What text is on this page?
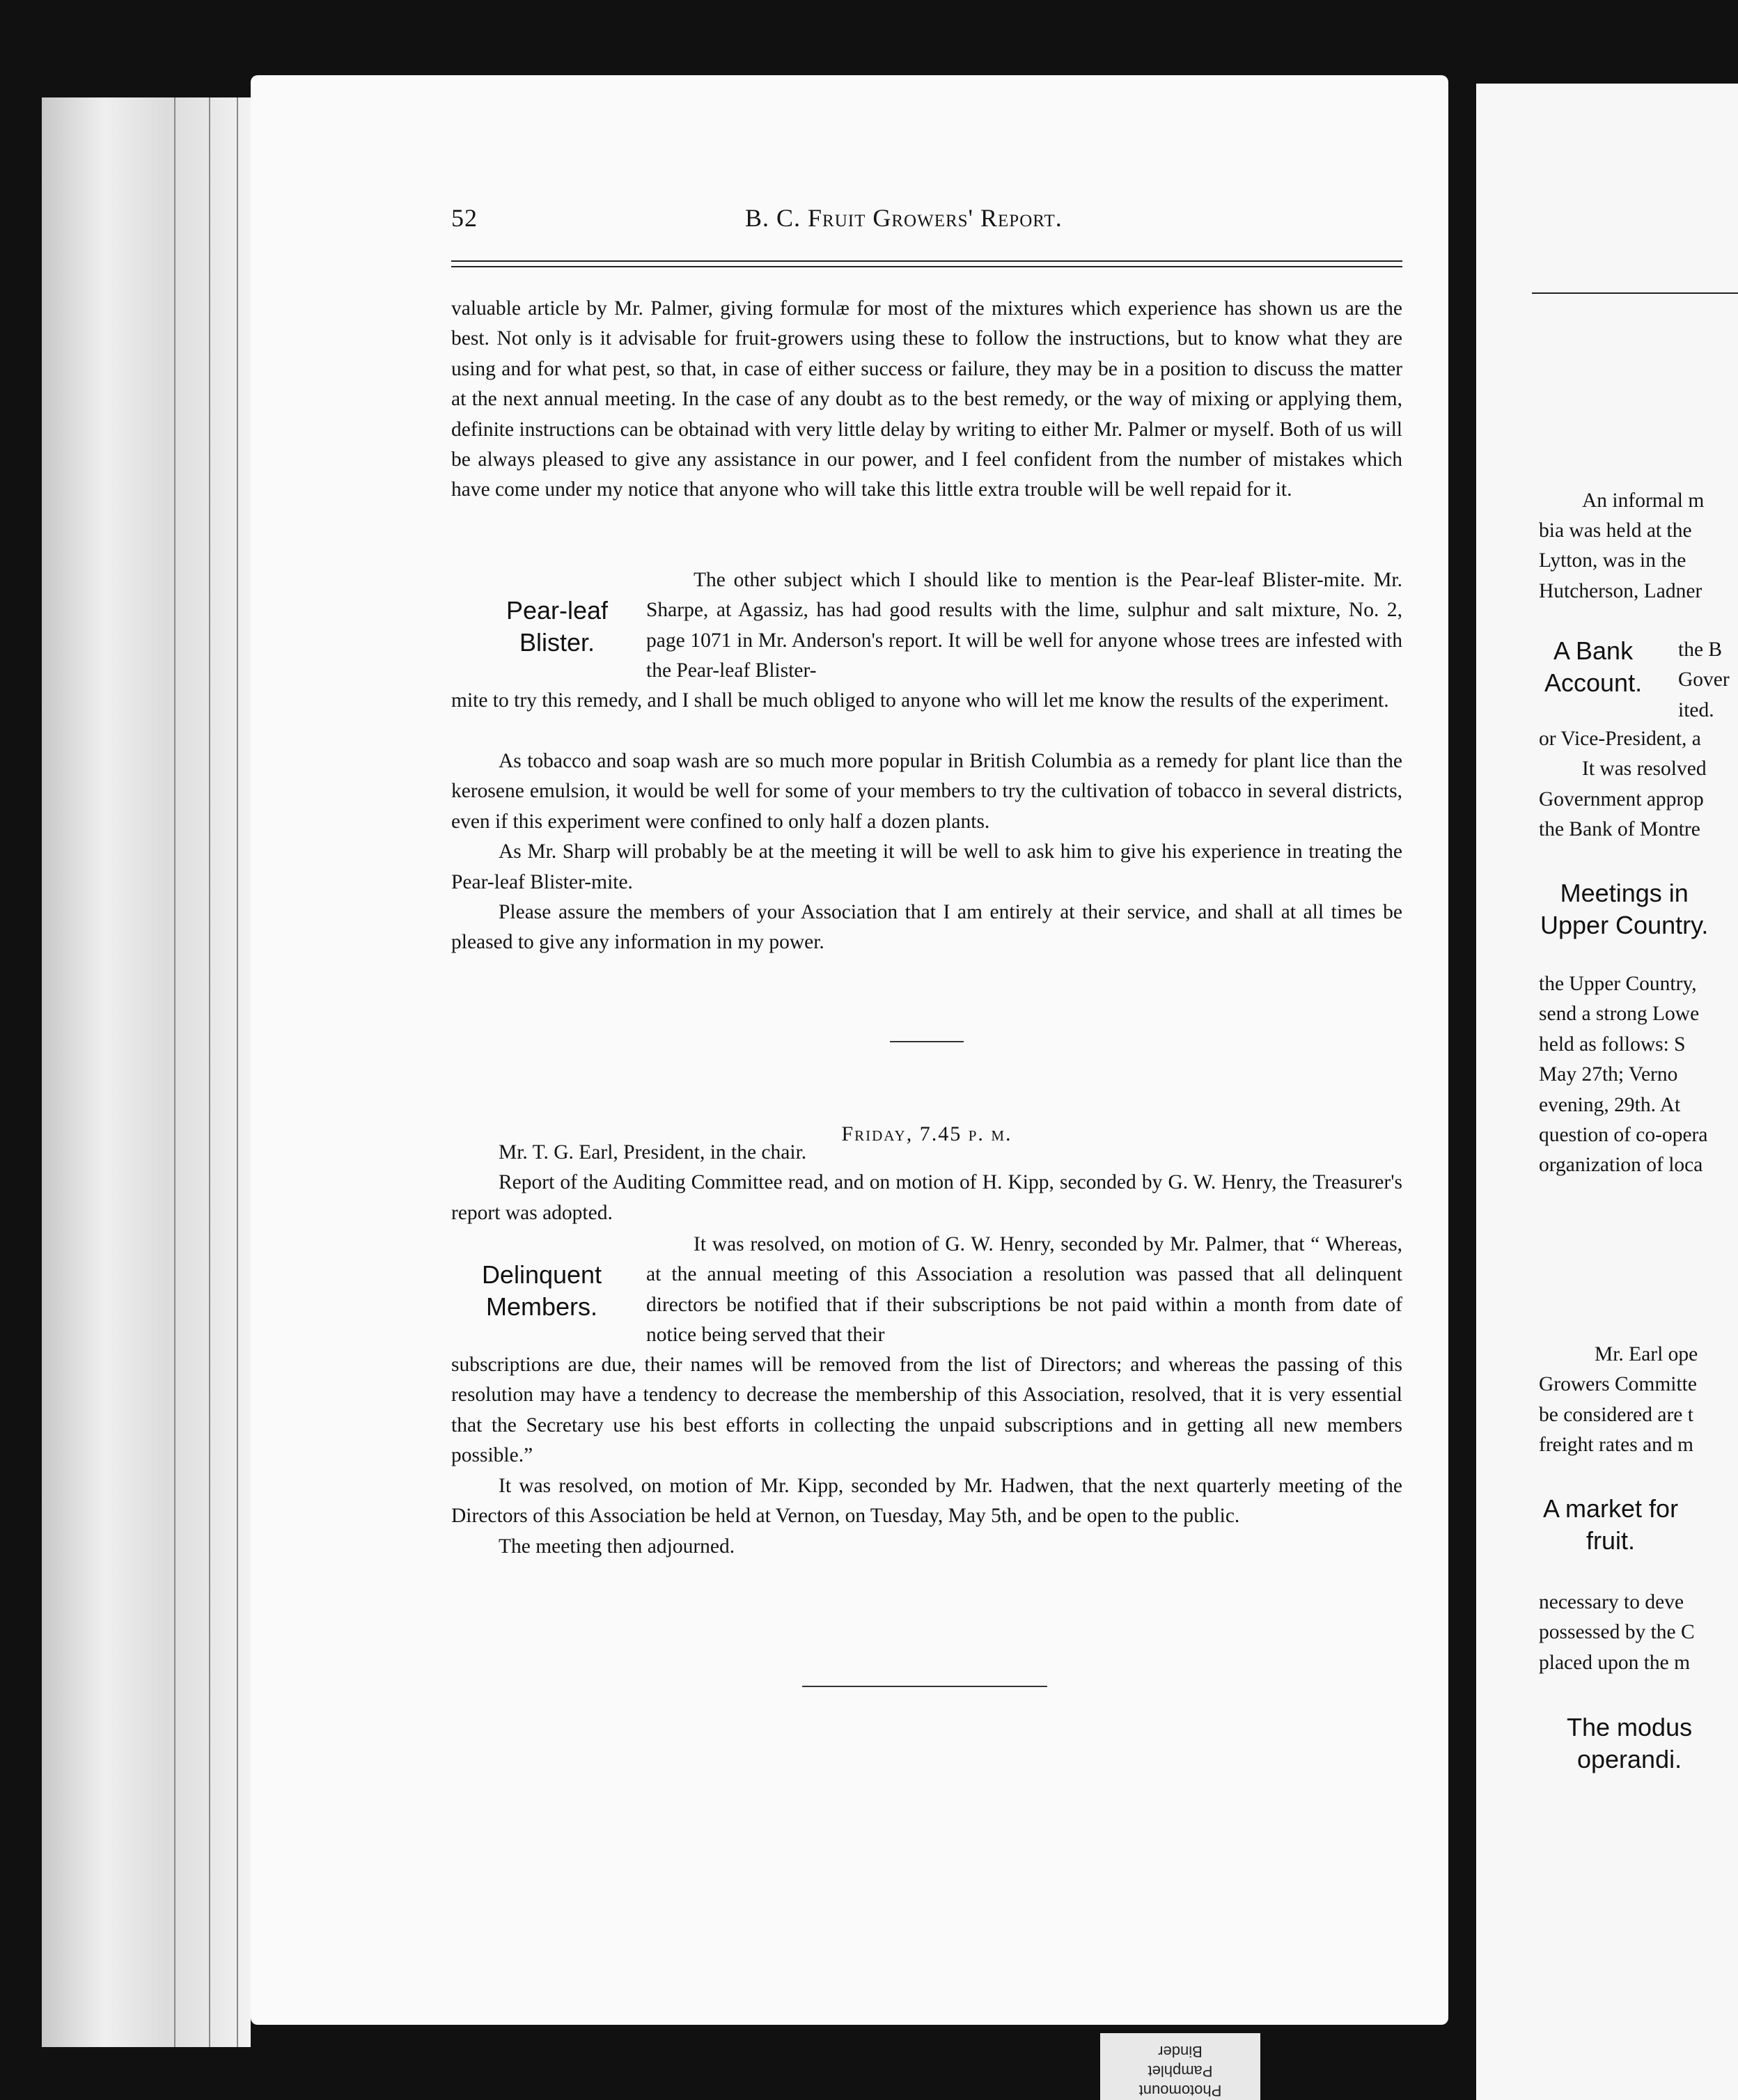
52	B. C. Fruit Growers' Report.

valuable article by Mr. Palmer, giving formulæ for most of the mixtures which experience has shown us are the best. Not only is it advisable for fruit-growers using these to follow the instructions, but to know what they are using and for what pest, so that, in case of either success or failure, they may be in a position to discuss the matter at the next annual meeting. In the case of any doubt as to the best remedy, or the way of mixing or applying them, definite instructions can be obtainad with very little delay by writing to either Mr. Palmer or myself. Both of us will be always pleased to give any assistance in our power, and I feel confident from the number of mistakes which have come under my notice that anyone who will take this little extra trouble will be well repaid for it.

Pear-leaf
Blister.

The other subject which I should like to mention is the Pear-leaf Blister-mite. Mr. Sharpe, at Agassiz, has had good results with the lime, sulphur and salt mixture, No. 2, page 1071 in Mr. Anderson's report. It will be well for anyone whose trees are infested with the Pear-leaf Blister-

mite to try this remedy, and I shall be much obliged to anyone who will let me know the results of the experiment.

As tobacco and soap wash are so much more popular in British Columbia as a remedy for plant lice than the kerosene emulsion, it would be well for some of your members to try the cultivation of tobacco in several districts, even if this experiment were confined to only half a dozen plants.

As Mr. Sharp will probably be at the meeting it will be well to ask him to give his experience in treating the Pear-leaf Blister-mite.

Please assure the members of your Association that I am entirely at their service, and shall at all times be pleased to give any information in my power.

Friday, 7.45 p. m.

Mr. T. G. Earl, President, in the chair.

Report of the Auditing Committee read, and on motion of H. Kipp, seconded by G. W. Henry, the Treasurer's report was adopted.

Delinquent
Members.

It was resolved, on motion of G. W. Henry, seconded by Mr. Palmer, that “ Whereas, at the annual meeting of this Association a resolution was passed that all delinquent directors be notified that if their subscriptions be not paid within a month from date of notice being served that their

subscriptions are due, their names will be removed from the list of Directors; and whereas the passing of this resolution may have a tendency to decrease the membership of this Association, resolved, that it is very essential that the Secretary use his best efforts in collecting the unpaid subscriptions and in getting all new members possible.”

It was resolved, on motion of Mr. Kipp, seconded by Mr. Hadwen, that the next quarterly meeting of the Directors of this Association be held at Vernon, on Tuesday, May 5th, and be open to the public.

The meeting then adjourned.

An informal m

bia was held at the

Lytton, was in the

Hutcherson, Ladner

A Bank
Account.

the B

Gover

ited.

or Vice-President, a

It was resolved

Government approp

the Bank of Montre

Meetings in
Upper Country.

the Upper Country,

send a strong Lowe

held as follows: S

May 27th; Verno

evening, 29th. At

question of co-opera

organization of loca

Mr. Earl ope

Growers Committe

be considered are t

freight rates and m

A market for
fruit.

necessary to deve

possessed by the C

placed upon the m

The modus
operandi.
Photomount
Pamphlet
Binder
